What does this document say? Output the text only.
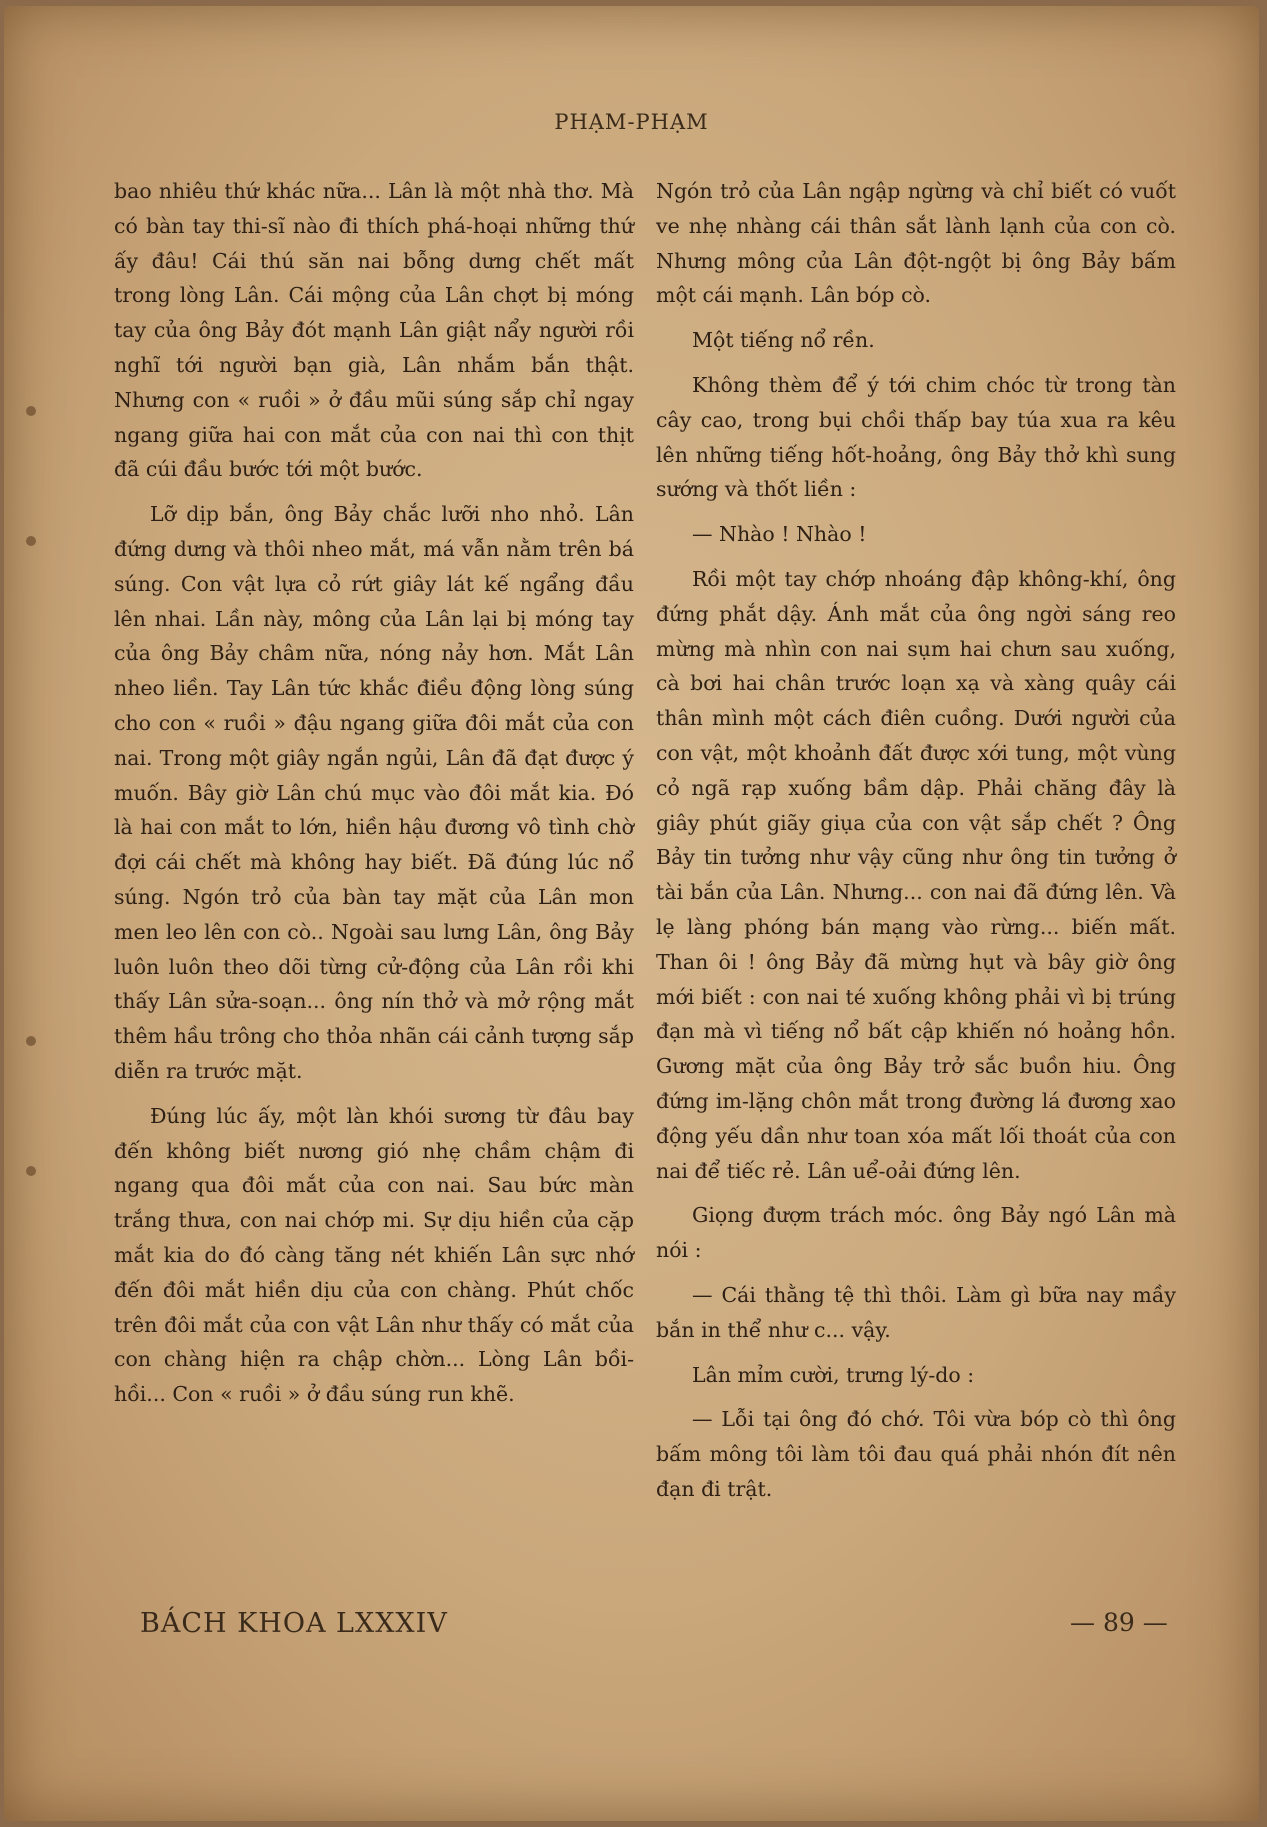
PHẠM-PHẠM

bao nhiêu thứ khác nữa... Lân là một nhà thơ. Mà có bàn tay thi-sĩ nào đi thích phá-hoại những thứ ấy đâu! Cái thú săn nai bỗng dưng chết mất trong lòng Lân. Cái mộng của Lân chợt bị móng tay của ông Bảy đót mạnh Lân giật nẩy người rồi nghĩ tới người bạn già, Lân nhắm bắn thật. Nhưng con « ruồi » ở đầu mũi súng sắp chỉ ngay ngang giữa hai con mắt của con nai thì con thịt đã cúi đầu bước tới một bước.

Lỡ dịp bắn, ông Bảy chắc lưỡi nho nhỏ. Lân đứng dưng và thôi nheo mắt, má vẫn nằm trên bá súng. Con vật lựa cỏ rứt giây lát kế ngẩng đầu lên nhai. Lần này, mông của Lân lại bị móng tay của ông Bảy châm nữa, nóng nảy hơn. Mắt Lân nheo liền. Tay Lân tức khắc điều động lòng súng cho con « ruồi » đậu ngang giữa đôi mắt của con nai. Trong một giây ngắn ngủi, Lân đã đạt được ý muốn. Bây giờ Lân chú mục vào đôi mắt kia. Đó là hai con mắt to lớn, hiền hậu đương vô tình chờ đợi cái chết mà không hay biết. Đã đúng lúc nổ súng. Ngón trỏ của bàn tay mặt của Lân mon men leo lên con cò.. Ngoài sau lưng Lân, ông Bảy luôn luôn theo dõi từng cử-động của Lân rồi khi thấy Lân sửa-soạn... ông nín thở và mở rộng mắt thêm hầu trông cho thỏa nhãn cái cảnh tượng sắp diễn ra trước mặt.

Đúng lúc ấy, một làn khói sương từ đâu bay đến không biết nương gió nhẹ chầm chậm đi ngang qua đôi mắt của con nai. Sau bức màn trắng thưa, con nai chớp mi. Sự dịu hiền của cặp mắt kia do đó càng tăng nét khiến Lân sực nhớ đến đôi mắt hiền dịu của con chàng. Phút chốc trên đôi mắt của con vật Lân như thấy có mắt của con chàng hiện ra chập chờn... Lòng Lân bồi-hồi... Con « ruồi » ở đầu súng run khẽ.

Ngón trỏ của Lân ngập ngừng và chỉ biết có vuốt ve nhẹ nhàng cái thân sắt lành lạnh của con cò. Nhưng mông của Lân đột-ngột bị ông Bảy bấm một cái mạnh. Lân bóp cò.

Một tiếng nổ rền.

Không thèm để ý tới chim chóc từ trong tàn cây cao, trong bụi chồi thấp bay túa xua ra kêu lên những tiếng hốt-hoảng, ông Bảy thở khì sung sướng và thốt liền :

— Nhào ! Nhào !

Rồi một tay chớp nhoáng đập không-khí, ông đứng phắt dậy. Ánh mắt của ông ngời sáng reo mừng mà nhìn con nai sụm hai chưn sau xuống, cà bơi hai chân trước loạn xạ và xàng quây cái thân mình một cách điên cuồng. Dưới người của con vật, một khoảnh đất được xới tung, một vùng cỏ ngã rạp xuống bầm dập. Phải chăng đây là giây phút giãy giụa của con vật sắp chết ? Ông Bảy tin tưởng như vậy cũng như ông tin tưởng ở tài bắn của Lân. Nhưng... con nai đã đứng lên. Và lẹ làng phóng bán mạng vào rừng... biến mất. Than ôi ! ông Bảy đã mừng hụt và bây giờ ông mới biết : con nai té xuống không phải vì bị trúng đạn mà vì tiếng nổ bất cập khiến nó hoảng hồn. Gương mặt của ông Bảy trở sắc buồn hiu. Ông đứng im-lặng chôn mắt trong đường lá đương xao động yếu dần như toan xóa mất lối thoát của con nai để tiếc rẻ. Lân uể-oải đứng lên.

Giọng đượm trách móc. ông Bảy ngó Lân mà nói :

— Cái thằng tệ thì thôi. Làm gì bữa nay mầy bắn in thể như c... vậy.

Lân mỉm cười, trưng lý-do :

— Lỗi tại ông đó chớ. Tôi vừa bóp cò thì ông bấm mông tôi làm tôi đau quá phải nhón đít nên đạn đi trật.

BÁCH KHOA LXXXIV	— 89 —
